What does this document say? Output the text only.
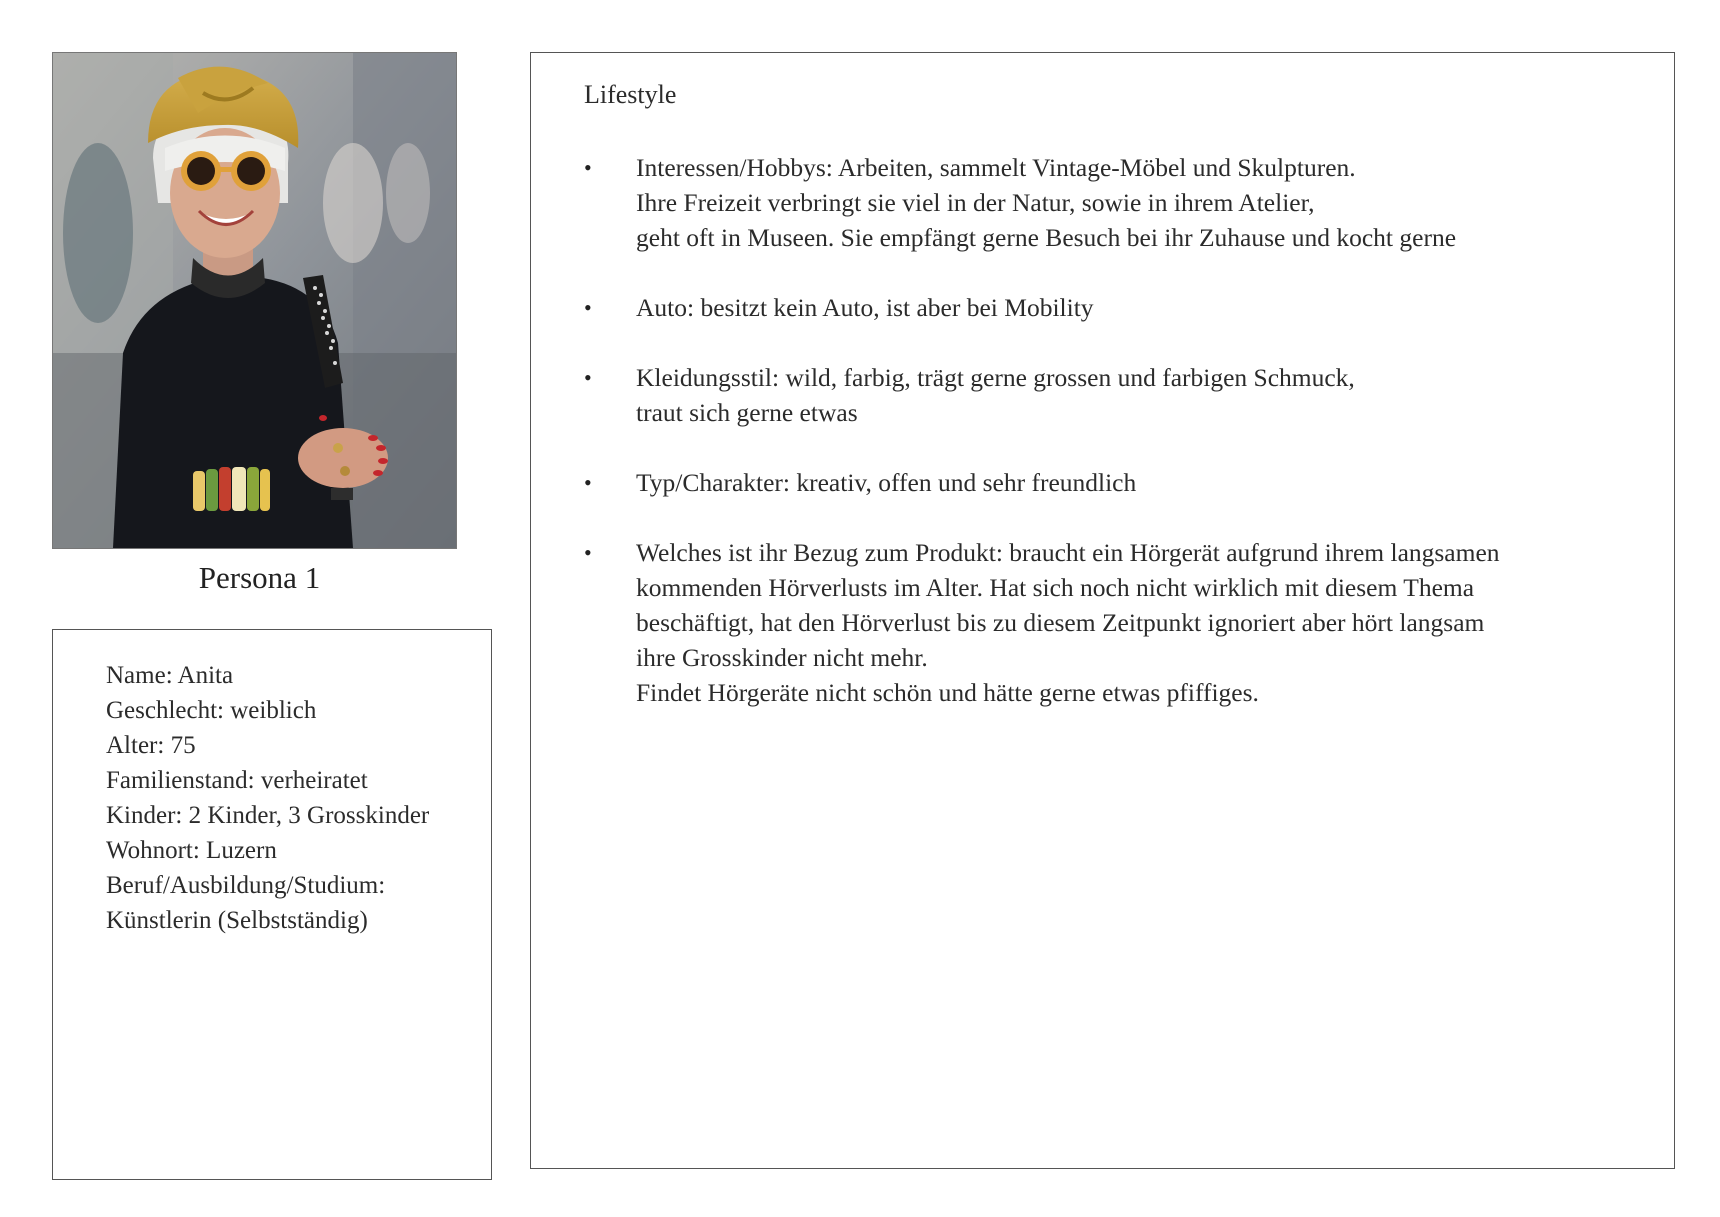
Persona 1
Name: Anita
Geschlecht: weiblich
Alter: 75
Familienstand: verheiratet
Kinder: 2 Kinder, 3 Grosskinder
Wohnort: Luzern
Beruf/Ausbildung/Studium:
Künstlerin (Selbstständig)
Lifestyle
• Interessen/Hobbys: Arbeiten, sammelt Vintage-Möbel und Skulpturen.
Ihre Freizeit verbringt sie viel in der Natur, sowie in ihrem Atelier,
geht oft in Museen. Sie empfängt gerne Besuch bei ihr Zuhause und kocht gerne
• Auto: besitzt kein Auto, ist aber bei Mobility
• Kleidungsstil: wild, farbig, trägt gerne grossen und farbigen Schmuck,
traut sich gerne etwas
• Typ/Charakter: kreativ, offen und sehr freundlich
• Welches ist ihr Bezug zum Produkt: braucht ein Hörgerät aufgrund ihrem langsamen
kommenden Hörverlusts im Alter. Hat sich noch nicht wirklich mit diesem Thema
beschäftigt, hat den Hörverlust bis zu diesem Zeitpunkt ignoriert aber hört langsam
ihre Grosskinder nicht mehr.
Findet Hörgeräte nicht schön und hätte gerne etwas pfiffiges.
